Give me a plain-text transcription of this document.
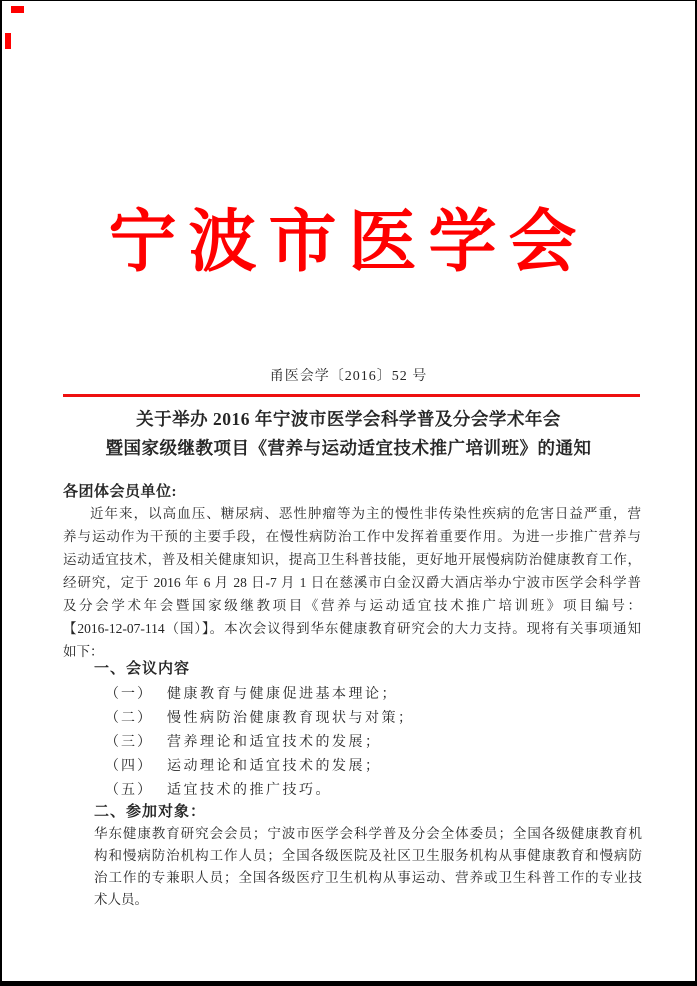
宁波市医学会
甬医会学〔2016〕52 号
关于举办 2016 年宁波市医学会科学普及分会学术年会
暨国家级继教项目《营养与运动适宜技术推广培训班》的通知
各团体会员单位:
近年来，以高血压、糖尿病、恶性肿瘤等为主的慢性非传染性疾病的危害日益严重，营
养与运动作为干预的主要手段，在慢性病防治工作中发挥着重要作用。为进一步推广营养与
运动适宜技术，普及相关健康知识，提高卫生科普技能，更好地开展慢病防治健康教育工作，
经研究，定于 2016 年 6 月 28 日-7 月 1 日在慈溪市白金汉爵大酒店举办宁波市医学会科学普
及分会学术年会暨国家级继教项目《营养与运动适宜技术推广培训班》项目编号：
【2016-12-07-114（国）】。本次会议得到华东健康教育研究会的大力支持。现将有关事项通知
如下：
一、会议内容
（一） 健康教育与健康促进基本理论；
（二） 慢性病防治健康教育现状与对策；
（三） 营养理论和适宜技术的发展；
（四） 运动理论和适宜技术的发展；
（五） 适宜技术的推广技巧。
二、参加对象：
华东健康教育研究会会员；宁波市医学会科学普及分会全体委员；全国各级健康教育机
构和慢病防治机构工作人员；全国各级医院及社区卫生服务机构从事健康教育和慢病防
治工作的专兼职人员；全国各级医疗卫生机构从事运动、营养或卫生科普工作的专业技
术人员。
